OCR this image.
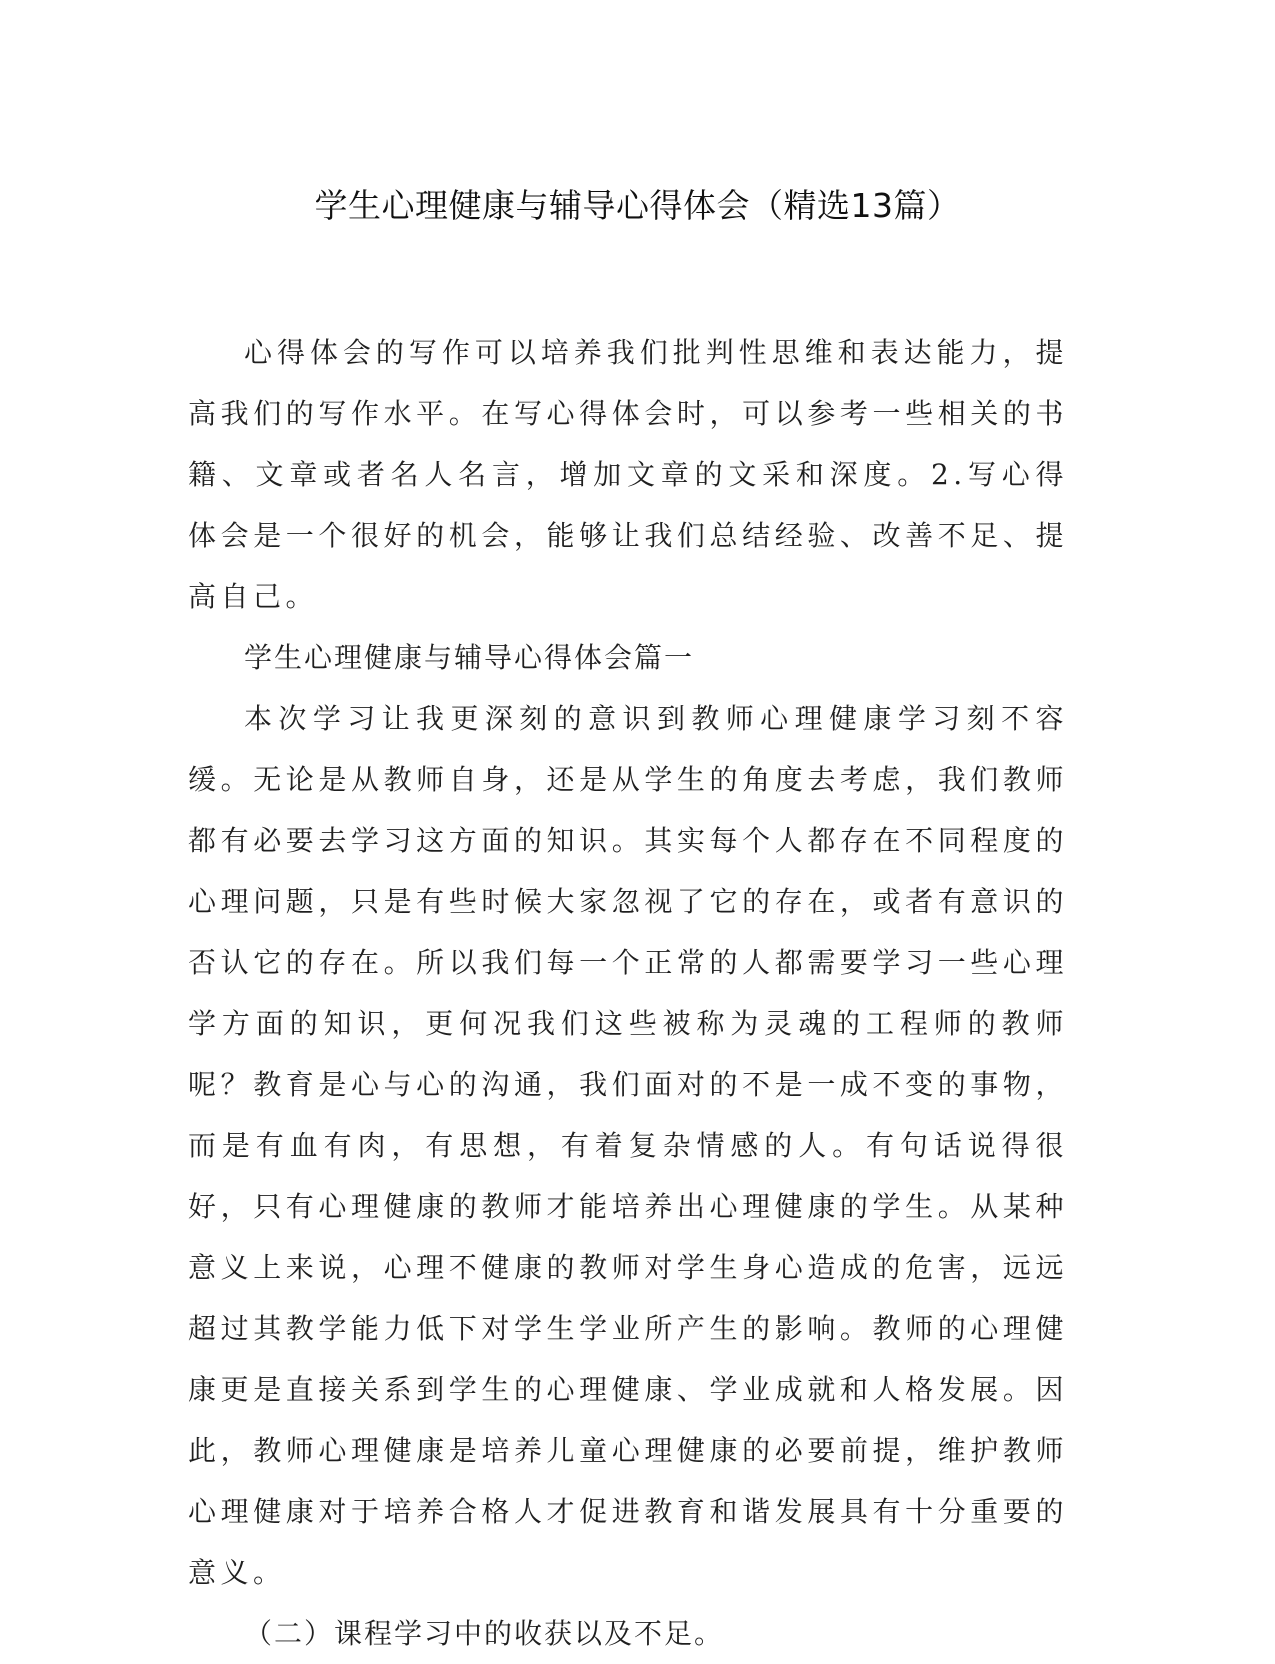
学生心理健康与辅导心得体会（精选13篇）

心得体会的写作可以培养我们批判性思维和表达能力，提高我们的写作水平。在写心得体会时，可以参考一些相关的书籍、文章或者名人名言，增加文章的文采和深度。2.写心得体会是一个很好的机会，能够让我们总结经验、改善不足、提高自己。

学生心理健康与辅导心得体会篇一

本次学习让我更深刻的意识到教师心理健康学习刻不容缓。无论是从教师自身，还是从学生的角度去考虑，我们教师都有必要去学习这方面的知识。其实每个人都存在不同程度的心理问题，只是有些时候大家忽视了它的存在，或者有意识的否认它的存在。所以我们每一个正常的人都需要学习一些心理学方面的知识，更何况我们这些被称为灵魂的工程师的教师呢？教育是心与心的沟通，我们面对的不是一成不变的事物，而是有血有肉，有思想，有着复杂情感的人。有句话说得很好，只有心理健康的教师才能培养出心理健康的学生。从某种意义上来说，心理不健康的教师对学生身心造成的危害，远远超过其教学能力低下对学生学业所产生的影响。教师的心理健康更是直接关系到学生的心理健康、学业成就和人格发展。因此，教师心理健康是培养儿童心理健康的必要前提，维护教师心理健康对于培养合格人才促进教育和谐发展具有十分重要的意义。

（二）课程学习中的收获以及不足。
